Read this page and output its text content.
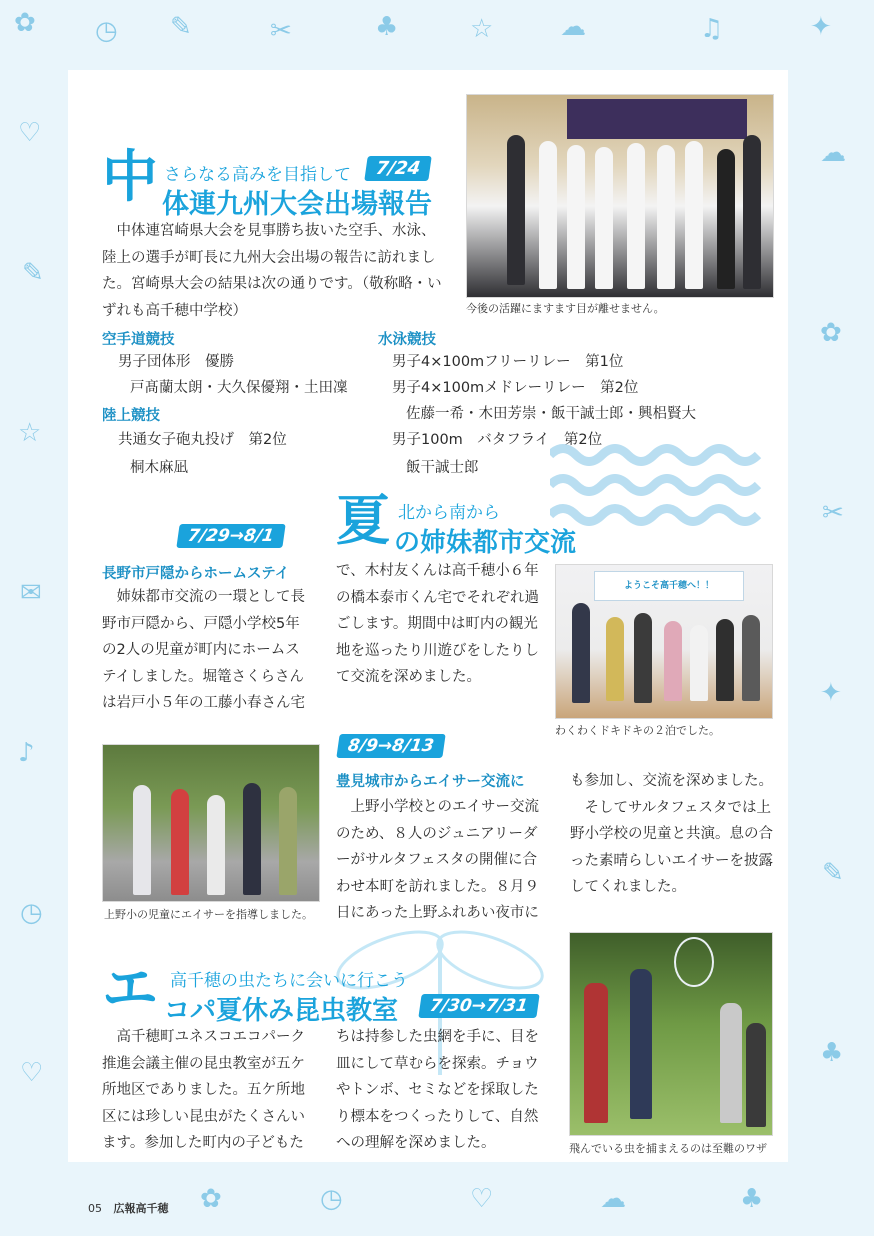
✿ ◷ ✎	✂	♣	☆	☁	♫	✦
♡
✎
☆
✉
♪
◷
♡
☁
✿
✂
✦
✎
♣
✿	◷	♡	☁	♣
今後の活躍にますます目が離せません。
中 さらなる高みを目指して	7/24
体連九州大会出場報告

中体連宮崎県大会を見事勝ち抜いた空手、水泳、陸上の選手が町長に九州大会出場の報告に訪れました。宮崎県大会の結果は次の通りです。（敬称略・いずれも高千穂中学校）

空手道競技
男子団体形　優勝
戸髙蘭太朗・大久保優翔・土田凜
陸上競技
共通女子砲丸投げ　第2位
桐木麻凪
水泳競技
男子4×100mフリーリレー　第1位
男子4×100mメドレーリレー　第2位
佐藤一希・木田芳崇・飯干誠士郎・興梠賢大
男子100m　バタフライ　第2位
飯干誠士郎
夏 北から南から
の姉妹都市交流
7/29→8/1
長野市戸隠からホームステイ

姉妹都市交流の一環として長野市戸隠から、戸隠小学校5年の2人の児童が町内にホームステイしました。堀篭さくらさんは岩戸小５年の工藤小春さん宅

で、木村友くんは高千穂小６年の橋本泰市くん宅でそれぞれ過ごします。期間中は町内の観光地を巡ったり川遊びをしたりして交流を深めました。
ようこそ高千穂へ！！
わくわくドキドキの２泊でした。
上野小の児童にエイサーを指導しました。
8/9→8/13
豊見城市からエイサー交流に

上野小学校とのエイサー交流のため、８人のジュニアリーダーがサルタフェスタの開催に合わせ本町を訪れました。８月９日にあった上野ふれあい夜市に

も参加し、交流を深めました。

そしてサルタフェスタでは上野小学校の児童と共演。息の合った素晴らしいエイサーを披露してくれました。

エ 高千穂の虫たちに会いに行こう
コパ夏休み昆虫教室	7/30→7/31

高千穂町ユネスコエコパーク推進会議主催の昆虫教室が五ケ所地区でありました。五ケ所地区には珍しい昆虫がたくさんいます。参加した町内の子どもた

ちは持参した虫網を手に、目を皿にして草むらを探索。チョウやトンボ、セミなどを採取したり標本をつくったりして、自然への理解を深めました。	飛んでいる虫を捕まえるのは至難のワザ
05 広報高千穂
